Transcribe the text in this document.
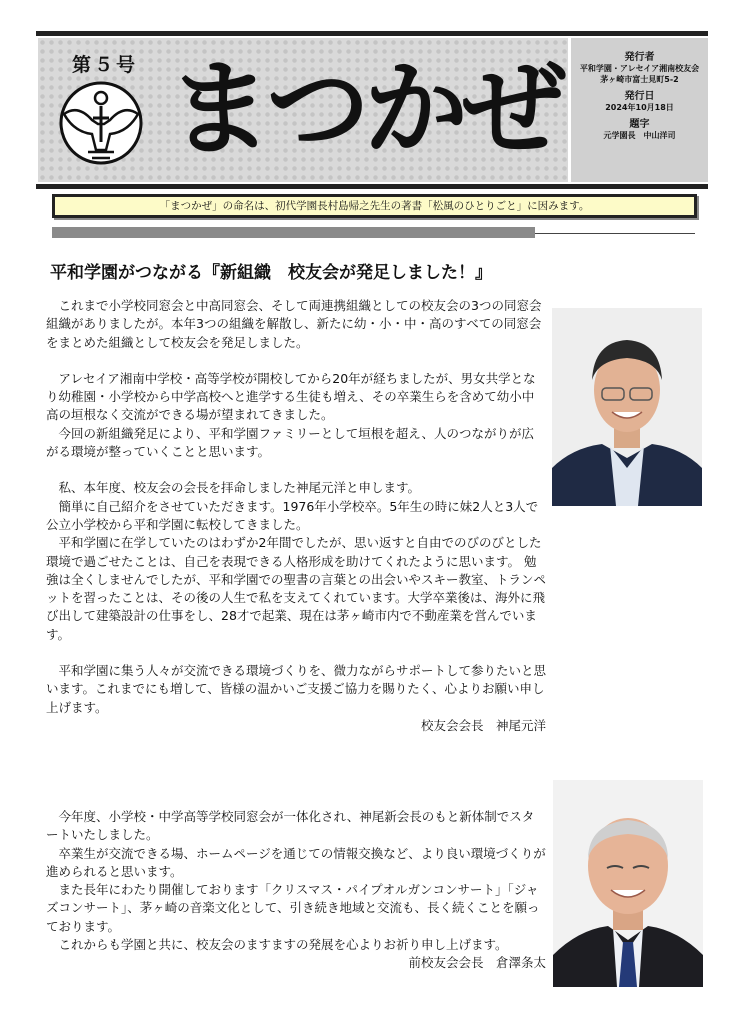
第５号 まつかぜ	発行者
平和学園・アレセイア湘南校友会
茅ヶ崎市富士見町5-2
発行日
2024年10月18日
題字
元学園長　中山洋司
「まつかぜ」の命名は、初代学園長村島帰之先生の著書「松風のひとりごと」に因みます。
平和学園がつながる『新組織　校友会が発足しました！』

　これまで小学校同窓会と中高同窓会、そして両連携組織としての校友会の3つの同窓会組織がありましたが。本年3つの組織を解散し、新たに幼・小・中・高のすべての同窓会をまとめた組織として校友会を発足しました。

　アレセイア湘南中学校・高等学校が開校してから20年が経ちましたが、男女共学となり幼稚園・小学校から中学高校へと進学する生徒も増え、その卒業生らを含めて幼小中高の垣根なく交流ができる場が望まれてきました。

　今回の新組織発足により、平和学園ファミリーとして垣根を超え、人のつながりが広がる環境が整っていくことと思います。

　私、本年度、校友会の会長を拝命しました神尾元洋と申します。

　簡単に自己紹介をさせていただきます。1976年小学校卒。5年生の時に妹2人と3人で公立小学校から平和学園に転校してきました。

　平和学園に在学していたのはわずか2年間でしたが、思い返すと自由でのびのびとした環境で過ごせたことは、自己を表現できる人格形成を助けてくれたように思います。 勉強は全くしませんでしたが、平和学園での聖書の言葉との出会いやスキー教室、トランペットを習ったことは、その後の人生で私を支えてくれています。大学卒業後は、海外に飛び出して建築設計の仕事をし、28才で起業、現在は茅ヶ崎市内で不動産業を営んでいます。

　平和学園に集う人々が交流できる環境づくりを、微力ながらサポートして参りたいと思います。これまでにも増して、皆様の温かいご支援ご協力を賜りたく、心よりお願い申し上げます。

校友会会長　神尾元洋

　今年度、小学校・中学高等学校同窓会が一体化され、神尾新会長のもと新体制でスタートいたしました。

　卒業生が交流できる場、ホームページを通じての情報交換など、より良い環境づくりが進められると思います。

　また長年にわたり開催しております「クリスマス・パイプオルガンコンサート」「ジャズコンサート」、茅ヶ崎の音楽文化として、引き続き地域と交流も、長く続くことを願っております。

　これからも学園と共に、校友会のますますの発展を心よりお祈り申し上げます。

前校友会会長　倉澤条太
